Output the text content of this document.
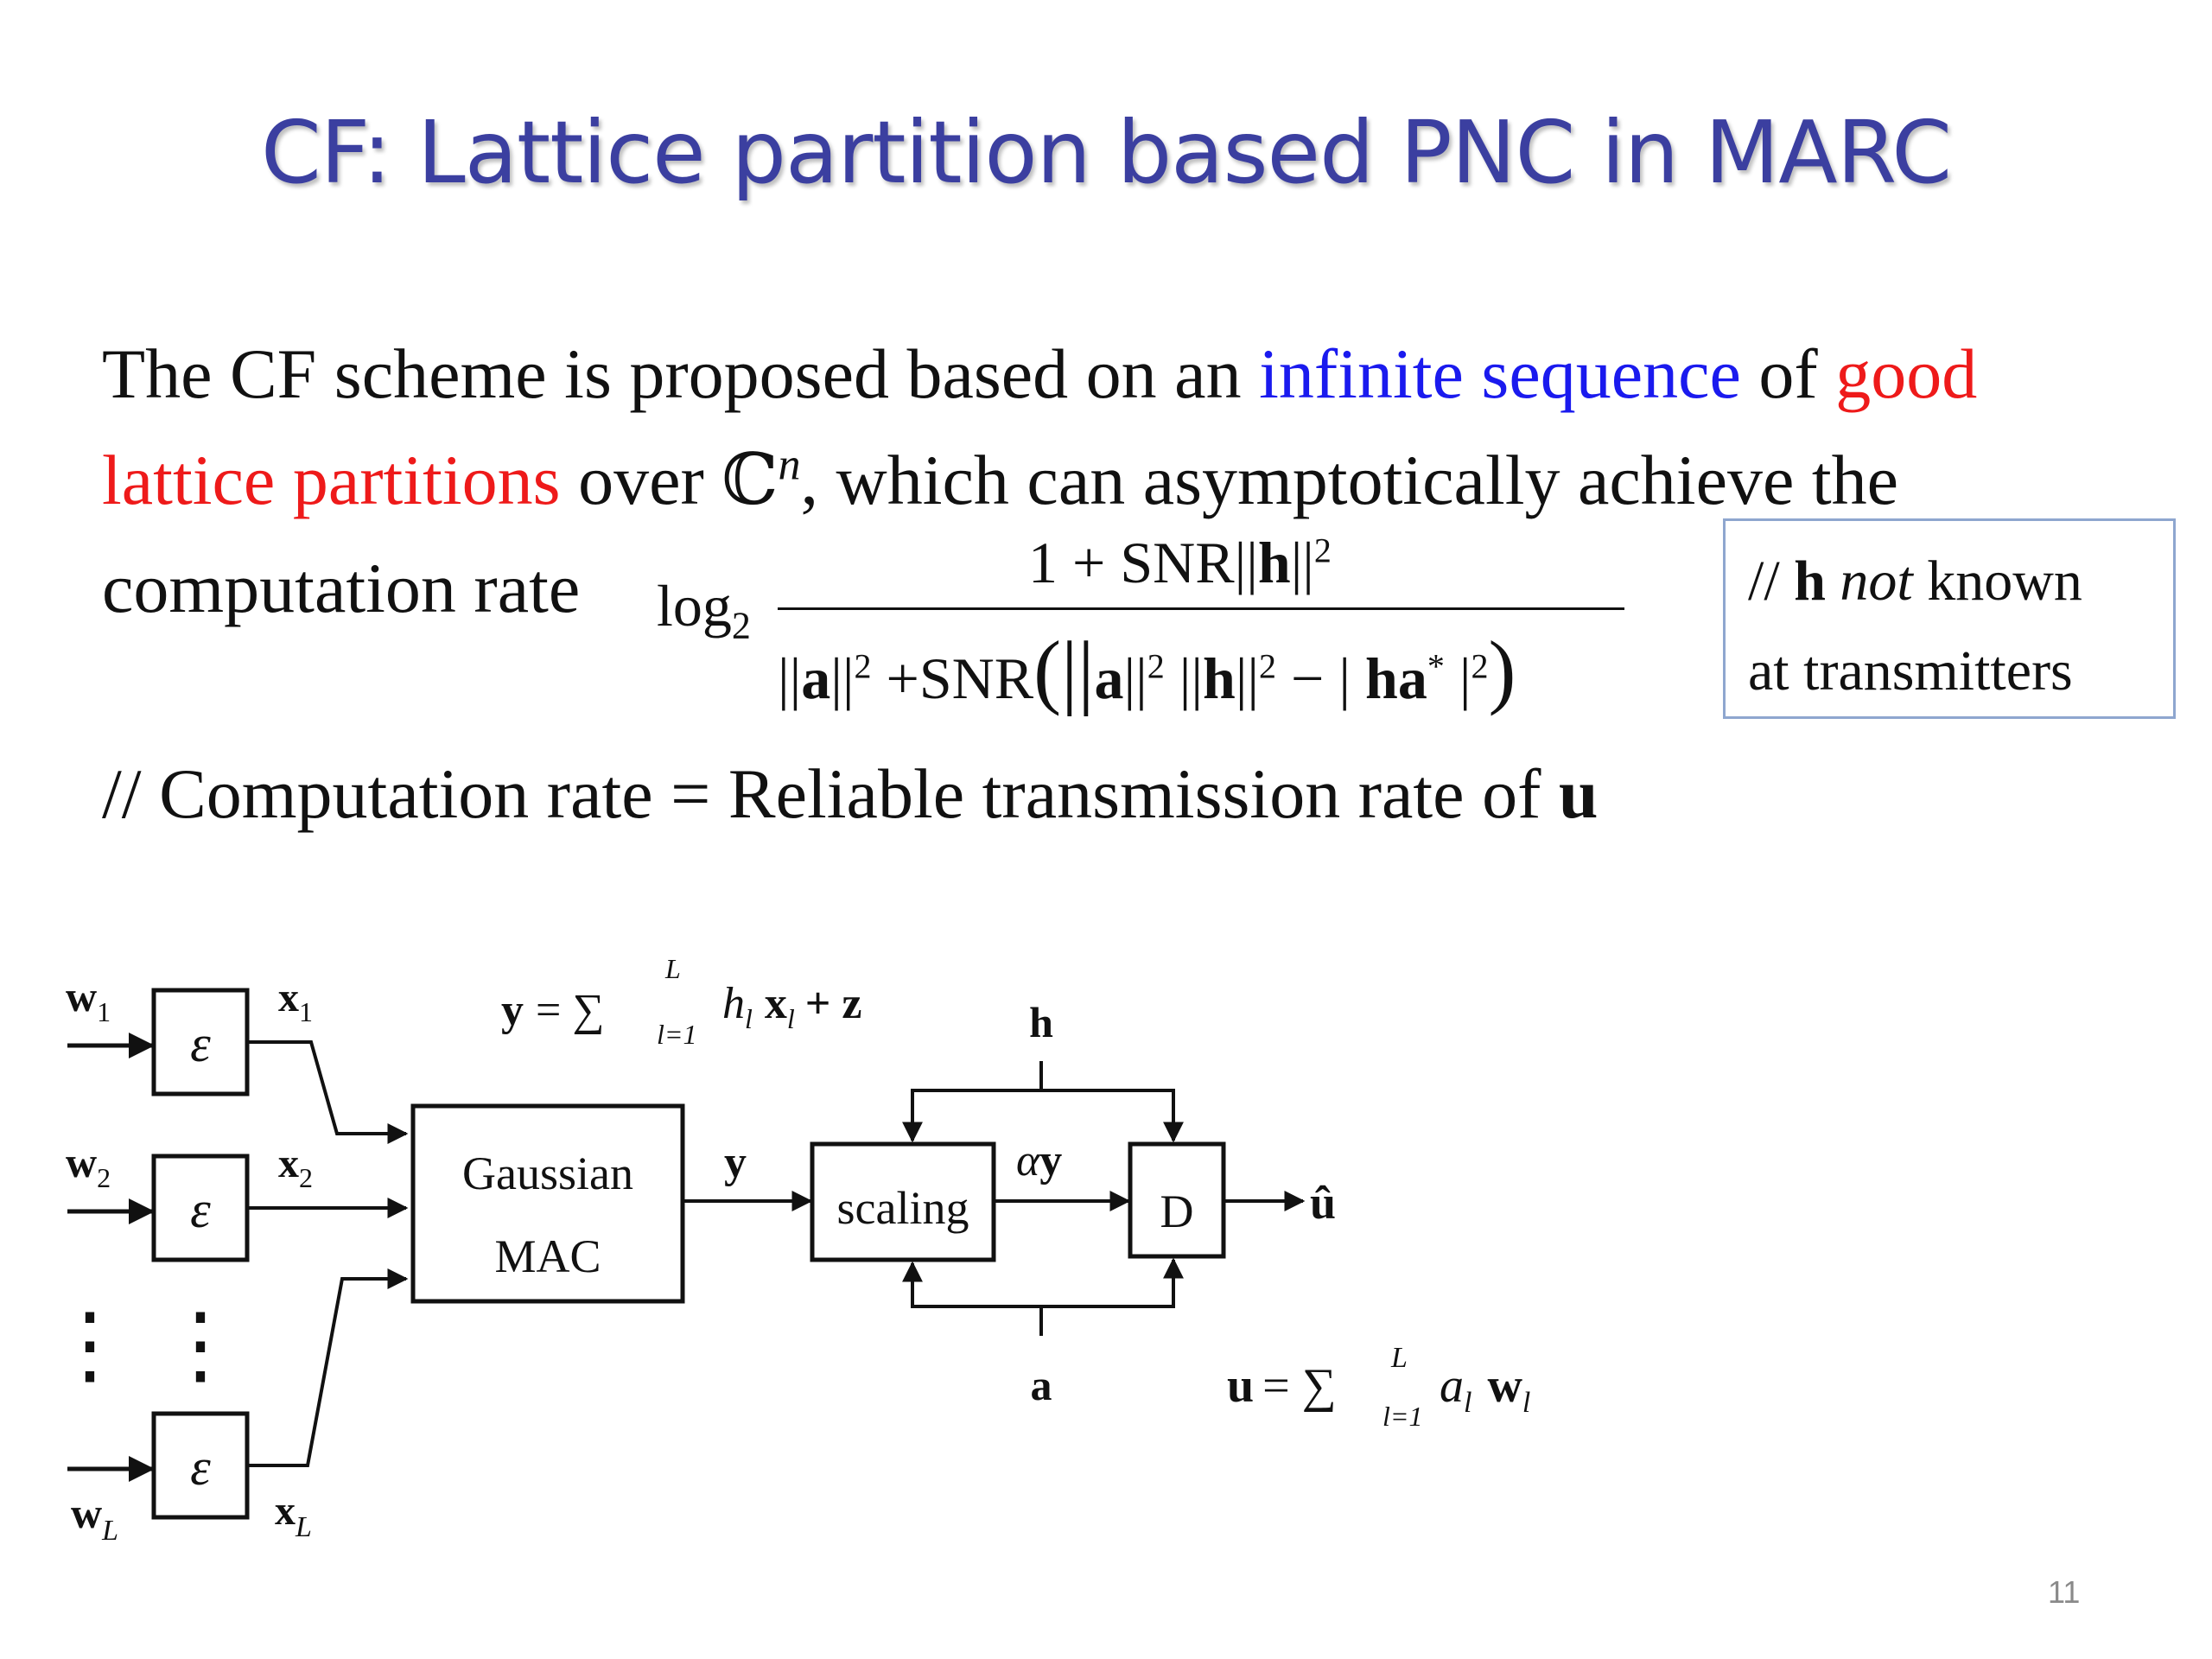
CF: Lattice partition based PNC in MARC
The CF scheme is proposed based on an infinite sequence of good
lattice partitions over ℂ$^n$, which can asymptotically achieve the
computation rate $\log_2$
$1 + SNR||h||^2$
$||a||^2 +SNR(||a||^2$ $||h||^2$ − | ha* $|^2$)
// h not known
at transmitters
// Computation rate = Reliable transmission rate of u
$w_1$
$w_2$
$w_L$
ε
ε
ε
⋮ ⋮
$x_1$
$x_2$
$x_L$
Gaussian
MAC
y = ∑
L
l=1
$h_l$ $x_l + z$
y
scaling
αy
D û
h
a	u = ∑
L
l=1
$a_l$ $w_l$
11
